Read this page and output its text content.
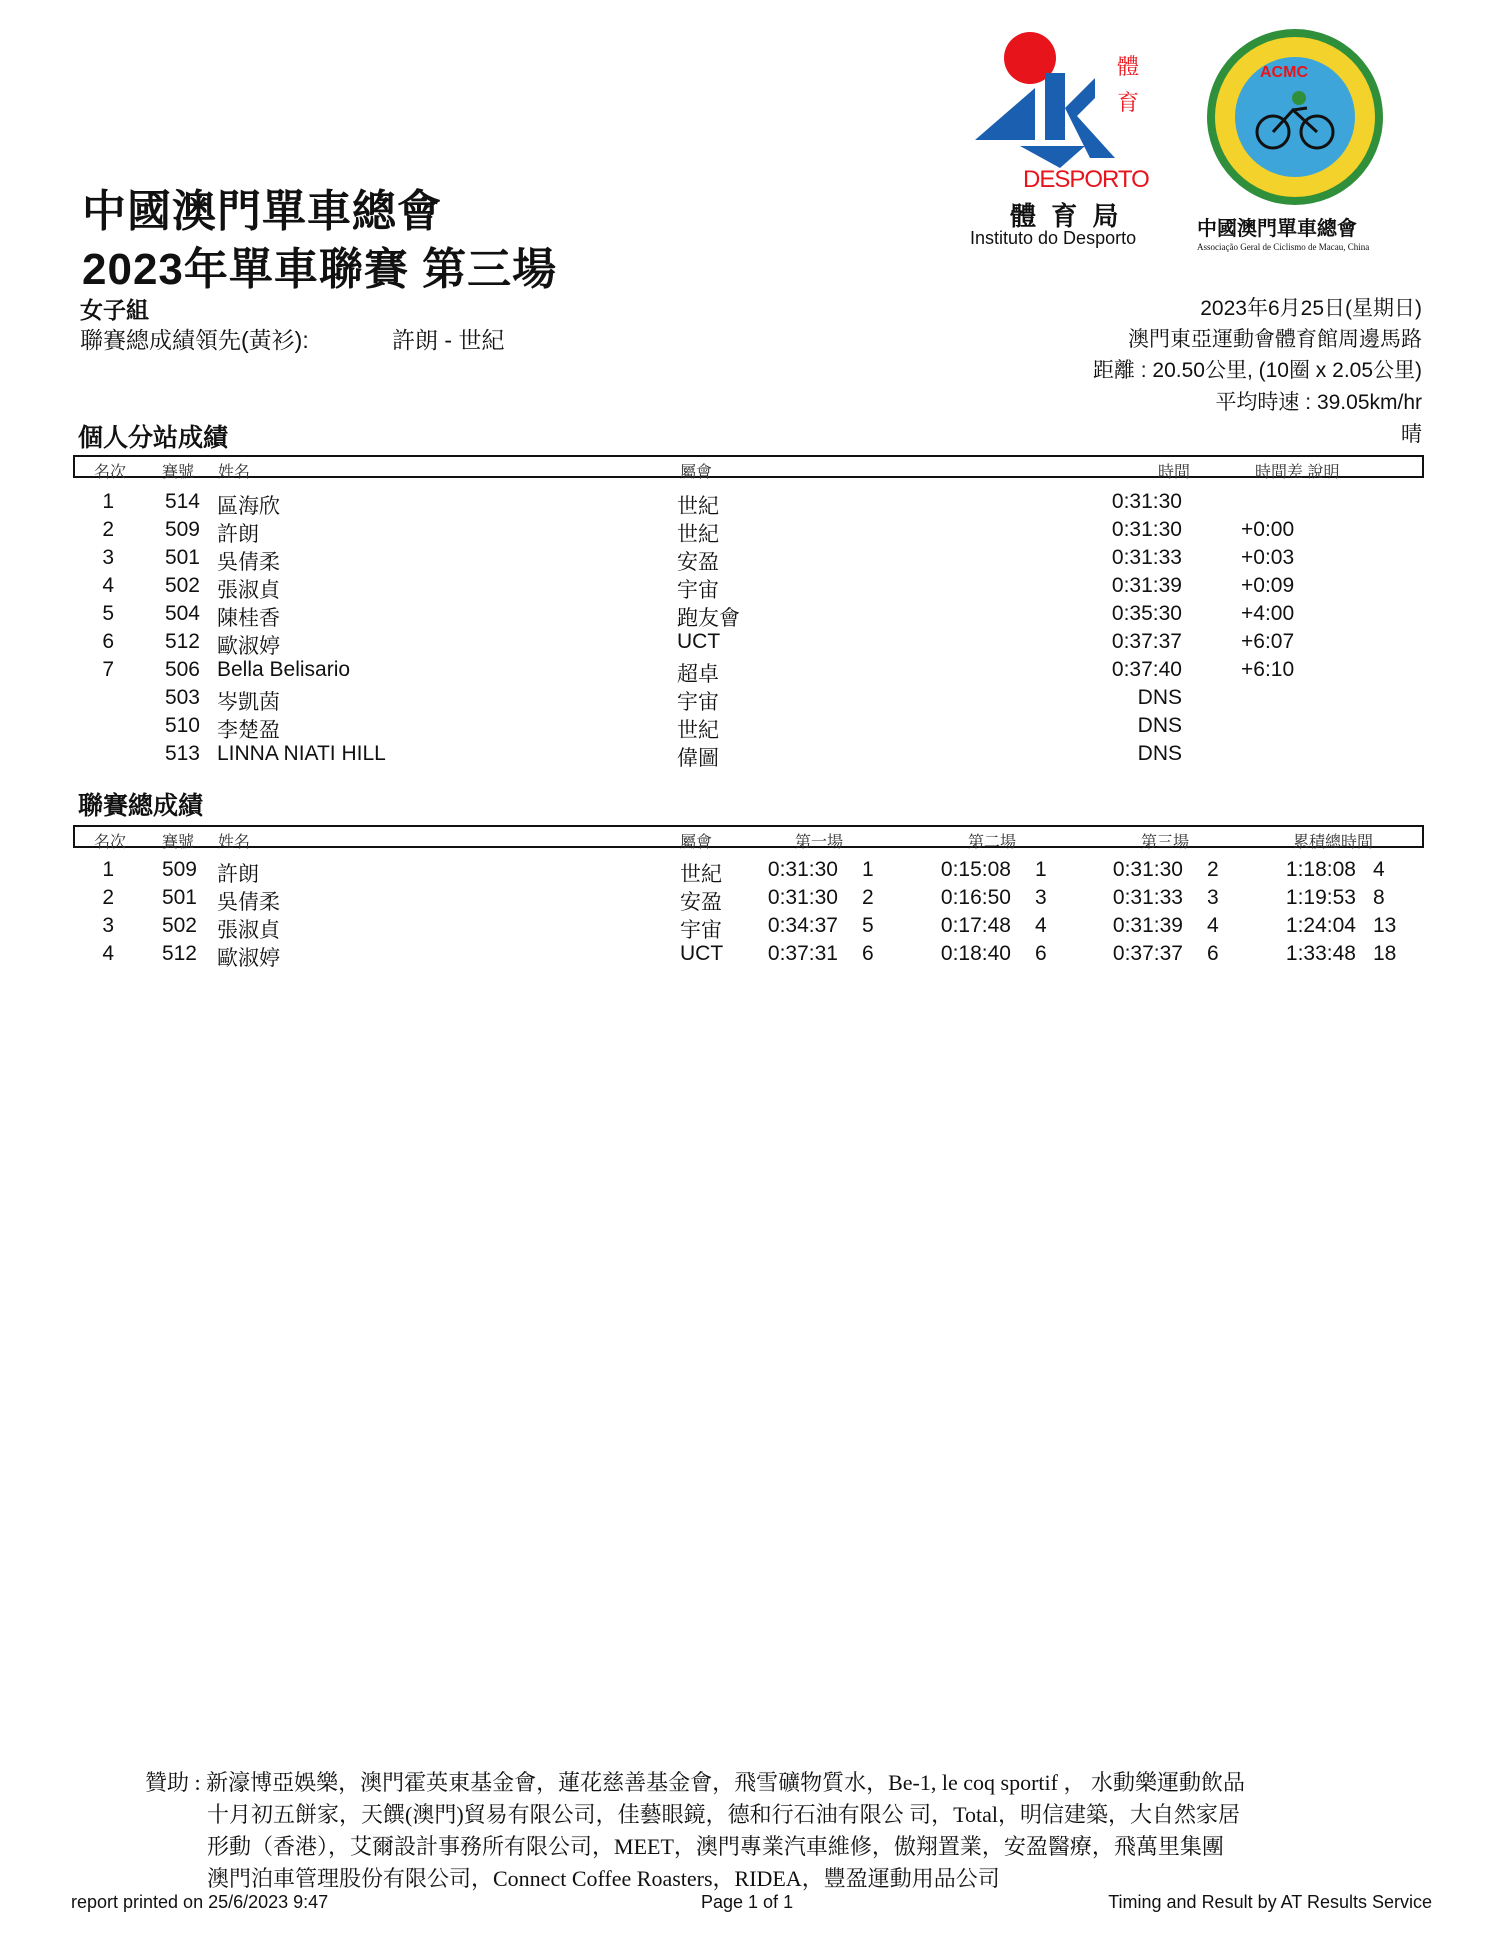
體
育
DESPORTO
體 育 局
Instituto do Desporto
ACMC
中國澳門單車總會
Associação Geral de Ciclismo de Macau, China
中國澳門單車總會
2023年單車聯賽 第三場
女子組
聯賽總成績領先(黃衫):	許朗 - 世紀
2023年6月25日(星期日)
澳門東亞運動會體育館周邊馬路
距離 : 20.50公里, (10圈 x 2.05公里)
平均時速 : 39.05km/hr
晴
個人分站成績
名次 賽號 姓名	屬會	時間	時間差 說明
1 514 區海欣	世紀	0:31:30
2 509 許朗	世紀	0:31:30	+0:00
3 501 吳倩柔	安盈	0:31:33	+0:03
4 502 張淑貞	宇宙	0:31:39	+0:09
5 504 陳桂香	跑友會	0:35:30	+4:00
6 512 歐淑婷	UCT	0:37:37	+6:07
7 506 Bella Belisario	超卓	0:37:40	+6:10
503 岑凱茵	宇宙	DNS
510 李楚盈	世紀	DNS
513 LINNA NIATI HILL	偉圖	DNS
聯賽總成績
名次 賽號 姓名	屬會	第一場	第二場	第三場	累積總時間
1 509 許朗	世紀 0:31:30 1	0:15:08 1	0:31:30 2	1:18:08 4
2 501 吳倩柔	安盈 0:31:30 2	0:16:50 3	0:31:33 3	1:19:53 8
3 502 張淑貞	宇宙 0:34:37 5	0:17:48 4	0:31:39 4	1:24:04 13
4 512 歐淑婷	UCT 0:37:31 6	0:18:40 6	0:37:37 6	1:33:48 18
贊助 : 新濠博亞娛樂，澳門霍英東基金會，蓮花慈善基金會，飛雪礦物質水，Be-1, le coq sportif ， 水動樂運動飲品
十月初五餅家，天饌(澳門)貿易有限公司，佳藝眼鏡，德和行石油有限公 司，Total，明信建築，大自然家居
形動（香港），艾爾設計事務所有限公司，MEET，澳門專業汽車維修，傲翔置業，安盈醫療，飛萬里集團
澳門泊車管理股份有限公司，Connect Coffee Roasters，RIDEA，豐盈運動用品公司
report printed on 25/6/2023 9:47	Page 1 of 1	Timing and Result by AT Results Service
